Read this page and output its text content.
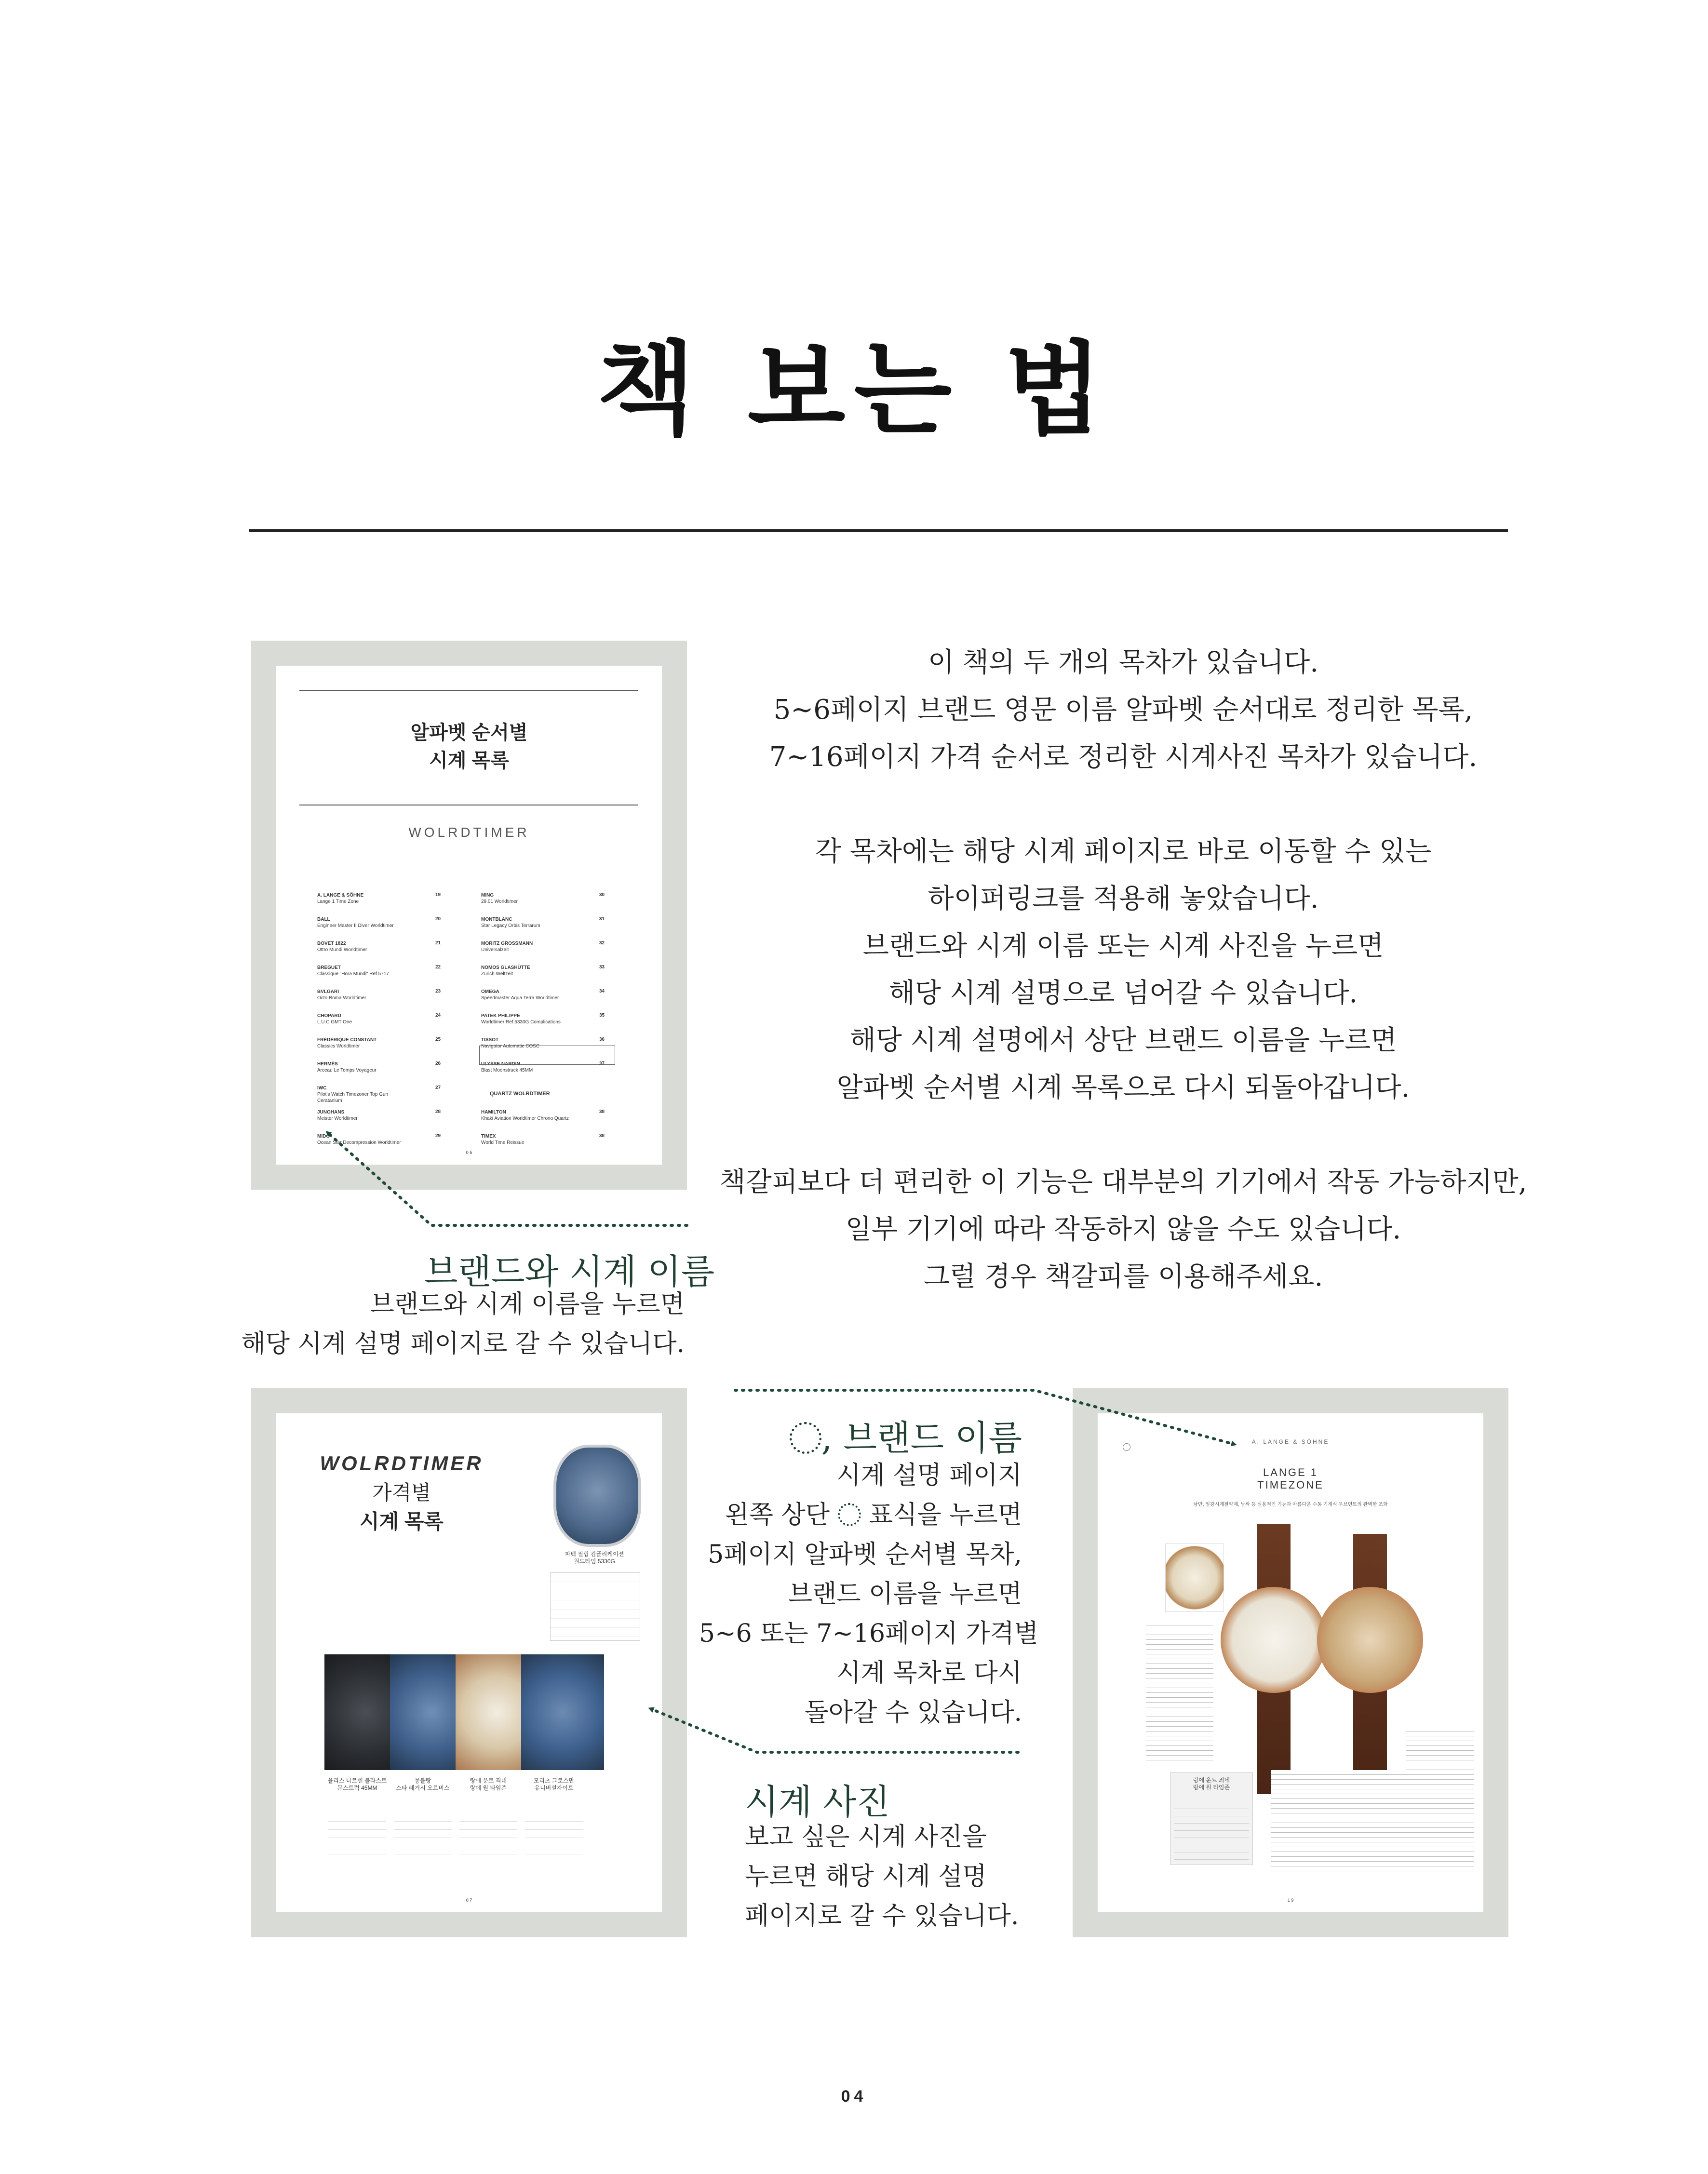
책 보는 법
이 책의 두 개의 목차가 있습니다.
5~6페이지 브랜드 영문 이름 알파벳 순서대로 정리한 목록,
7~16페이지 가격 순서로 정리한 시계사진 목차가 있습니다.

각 목차에는 해당 시계 페이지로 바로 이동할 수 있는
하이퍼링크를 적용해 놓았습니다.
브랜드와 시계 이름 또는 시계 사진을 누르면
해당 시계 설명으로 넘어갈 수 있습니다.
해당 시계 설명에서 상단 브랜드 이름을 누르면
알파벳 순서별 시계 목록으로 다시 되돌아갑니다.

책갈피보다 더 편리한 이 기능은 대부분의 기기에서 작동 가능하지만,
일부 기기에 따라 작동하지 않을 수도 있습니다.
그럴 경우 책갈피를 이용해주세요.
알파벳 순서별
시계 목록
WOLRDTIMER
A. LANGE & SÖHNE
Lange 1 Time Zone
19
BALL
Engineer Master II Diver Worldtimer
20
BOVET 1822
Ottro Mundi Worldtimer
21
BREGUET
Classique "Hora Mundi" Ref.5717
22
BVLGARI
Octo Roma Worldtimer
23
CHOPARD
L.U.C GMT One
24
FRÉDÉRIQUE CONSTANT
Classics Worldtimer
25
HERMÈS
Arceau Le Temps Voyageur
26
IWC
Pilot's Watch Timezoner Top Gun Ceratanium
27
JUNGHANS
Meister Worldtimer
28
MIDO
Ocean Star Decompression Worldtimer
29
MING
29.01 Worldtimer
30
MONTBLANC
Star Legacy Orbis Terrarum
31
MORITZ GROSSMANN
Universalzeit
32
NOMOS GLASHÜTTE
Zürich Weltzeit
33
OMEGA
Speedmaster Aqua Terra Worldtimer
34
PATEK PHILIPPE
Worldtimer Ref.5330G Complications
35
TISSOT
Navigator Automatic COSC
36
ULYSSE NARDIN
Blast Moonstruck 45MM
37
QUARTZ WOLRDTIMER
HAMILTON
Khaki Aviation Worldtimer Chrono Quartz
38
TIMEX
World Time Reissue
38
0 5
브랜드와 시계 이름
브랜드와 시계 이름을 누르면
해당 시계 설명 페이지로 갈 수 있습니다.
WOLRDTIMER
가격별
시계 목록
파텍 필립 컴플리케이션
월드타임 5330G
율리스 나르덴 블라스트
문스트럭 45MM
몽블랑
스타 레거시 오르비스
랑에 운트 죄네
랑에 원 타임존
모리츠 그로스만
유니버설자이트
0 7
, 브랜드 이름
시계 설명 페이지
왼쪽 상단  표식을 누르면
5페이지 알파벳 순서별 목차,
브랜드 이름을 누르면
5~6 또는 7~16페이지 가격별
시계 목차로 다시
돌아갈 수 있습니다.
시계 사진
보고 싶은 시계 사진을
누르면 해당 시계 설명
페이지로 갈 수 있습니다.
A. LANGE & SÖHNE
LANGE 1
TIMEZONE
남반, 일광시계절약제, 날짜 등 실용적인 기능과 아름다운 수동 기계식 무브먼트의 완벽한 조화
랑에 운트 죄네
랑에 원 타임존
1 9
04
